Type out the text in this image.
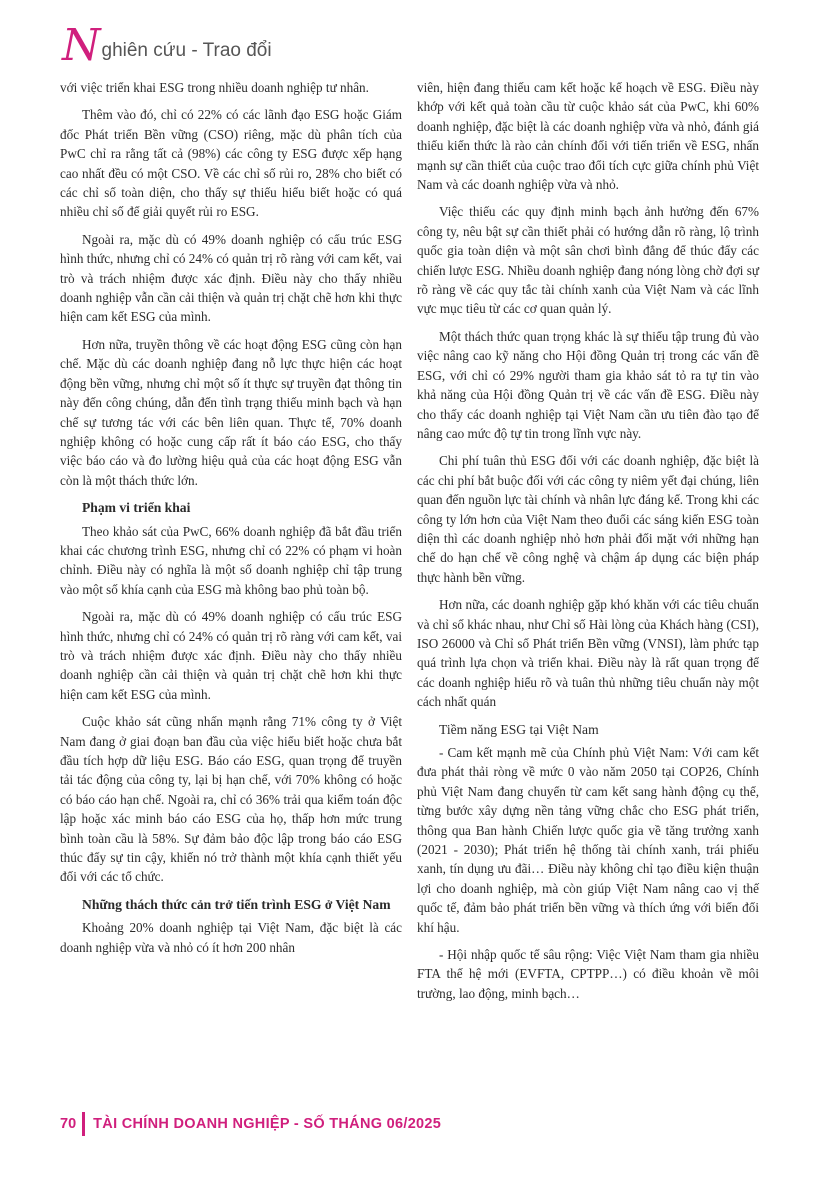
N ghiên cứu - Trao đổi

với việc triển khai ESG trong nhiều doanh nghiệp tư nhân.

Thêm vào đó, chỉ có 22% có các lãnh đạo ESG hoặc Giám đốc Phát triển Bền vững (CSO) riêng, mặc dù phân tích của PwC chỉ ra rằng tất cả (98%) các công ty ESG được xếp hạng cao nhất đều có một CSO. Về các chỉ số rủi ro, 28% cho biết có các chỉ số toàn diện, cho thấy sự thiếu hiểu biết hoặc có quá nhiều chỉ số để giải quyết rủi ro ESG.

Ngoài ra, mặc dù có 49% doanh nghiệp có cấu trúc ESG hình thức, nhưng chỉ có 24% có quản trị rõ ràng với cam kết, vai trò và trách nhiệm được xác định. Điều này cho thấy nhiều doanh nghiệp vẫn cần cải thiện và quản trị chặt chẽ hơn khi thực hiện cam kết ESG của mình.

Hơn nữa, truyền thông về các hoạt động ESG cũng còn hạn chế. Mặc dù các doanh nghiệp đang nỗ lực thực hiện các hoạt động bền vững, nhưng chỉ một số ít thực sự truyền đạt thông tin này đến công chúng, dẫn đến tình trạng thiếu minh bạch và hạn chế sự tương tác với các bên liên quan. Thực tế, 70% doanh nghiệp không có hoặc cung cấp rất ít báo cáo ESG, cho thấy việc báo cáo và đo lường hiệu quả của các hoạt động ESG vẫn còn là một thách thức lớn.

Phạm vi triển khai

Theo khảo sát của PwC, 66% doanh nghiệp đã bắt đầu triển khai các chương trình ESG, nhưng chỉ có 22% có phạm vi hoàn chỉnh. Điều này có nghĩa là một số doanh nghiệp chỉ tập trung vào một số khía cạnh của ESG mà không bao phủ toàn bộ.

Ngoài ra, mặc dù có 49% doanh nghiệp có cấu trúc ESG hình thức, nhưng chỉ có 24% có quản trị rõ ràng với cam kết, vai trò và trách nhiệm được xác định. Điều này cho thấy nhiều doanh nghiệp cần cải thiện và quản trị chặt chẽ hơn khi thực hiện cam kết ESG của mình.

Cuộc khảo sát cũng nhấn mạnh rằng 71% công ty ở Việt Nam đang ở giai đoạn ban đầu của việc hiểu biết hoặc chưa bắt đầu tích hợp dữ liệu ESG. Báo cáo ESG, quan trọng để truyền tải tác động của công ty, lại bị hạn chế, với 70% không có hoặc có báo cáo hạn chế. Ngoài ra, chỉ có 36% trải qua kiểm toán độc lập hoặc xác minh báo cáo ESG của họ, thấp hơn mức trung bình toàn cầu là 58%. Sự đảm bảo độc lập trong báo cáo ESG thúc đẩy sự tin cậy, khiến nó trở thành một khía cạnh thiết yếu đối với các tổ chức.

Những thách thức cản trở tiến trình ESG ở Việt Nam

Khoảng 20% doanh nghiệp tại Việt Nam, đặc biệt là các doanh nghiệp vừa và nhỏ có ít hơn 200 nhân

viên, hiện đang thiếu cam kết hoặc kế hoạch về ESG. Điều này khớp với kết quả toàn cầu từ cuộc khảo sát của PwC, khi 60% doanh nghiệp, đặc biệt là các doanh nghiệp vừa và nhỏ, đánh giá thiếu kiến thức là rào cản chính đối với tiến triển về ESG, nhấn mạnh sự cần thiết của cuộc trao đổi tích cực giữa chính phủ Việt Nam và các doanh nghiệp vừa và nhỏ.

Việc thiếu các quy định minh bạch ảnh hưởng đến 67% công ty, nêu bật sự cần thiết phải có hướng dẫn rõ ràng, lộ trình quốc gia toàn diện và một sân chơi bình đẳng để thúc đẩy các chiến lược ESG. Nhiều doanh nghiệp đang nóng lòng chờ đợi sự rõ ràng về các quy tắc tài chính xanh của Việt Nam và các lĩnh vực mục tiêu từ các cơ quan quản lý.

Một thách thức quan trọng khác là sự thiếu tập trung đủ vào việc nâng cao kỹ năng cho Hội đồng Quản trị trong các vấn đề ESG, với chỉ có 29% người tham gia khảo sát tỏ ra tự tin vào khả năng của Hội đồng Quản trị về các vấn đề ESG. Điều này cho thấy các doanh nghiệp tại Việt Nam cần ưu tiên đào tạo để nâng cao mức độ tự tin trong lĩnh vực này.

Chi phí tuân thủ ESG đối với các doanh nghiệp, đặc biệt là các chi phí bắt buộc đối với các công ty niêm yết đại chúng, liên quan đến nguồn lực tài chính và nhân lực đáng kể. Trong khi các công ty lớn hơn của Việt Nam theo đuổi các sáng kiến ESG toàn diện thì các doanh nghiệp nhỏ hơn phải đối mặt với những hạn chế do hạn chế về công nghệ và chậm áp dụng các biện pháp thực hành bền vững.

Hơn nữa, các doanh nghiệp gặp khó khăn với các tiêu chuẩn và chỉ số khác nhau, như Chỉ số Hài lòng của Khách hàng (CSI), ISO 26000 và Chỉ số Phát triển Bền vững (VNSI), làm phức tạp quá trình lựa chọn và triển khai. Điều này là rất quan trọng để các doanh nghiệp hiểu rõ và tuân thủ những tiêu chuẩn này một cách nhất quán

Tiềm năng ESG tại Việt Nam

- Cam kết mạnh mẽ của Chính phủ Việt Nam: Với cam kết đưa phát thải ròng về mức 0 vào năm 2050 tại COP26, Chính phủ Việt Nam đang chuyển từ cam kết sang hành động cụ thể, từng bước xây dựng nền tảng vững chắc cho ESG phát triển, thông qua Ban hành Chiến lược quốc gia về tăng trưởng xanh (2021 - 2030); Phát triển hệ thống tài chính xanh, trái phiếu xanh, tín dụng ưu đãi… Điều này không chỉ tạo điều kiện thuận lợi cho doanh nghiệp, mà còn giúp Việt Nam nâng cao vị thế quốc tế, đảm bảo phát triển bền vững và thích ứng với biến đổi khí hậu.

- Hội nhập quốc tế sâu rộng: Việc Việt Nam tham gia nhiều FTA thế hệ mới (EVFTA, CPTPP…) có điều khoản về môi trường, lao động, minh bạch…

70 TÀI CHÍNH DOANH NGHIỆP - SỐ THÁNG 06/2025
